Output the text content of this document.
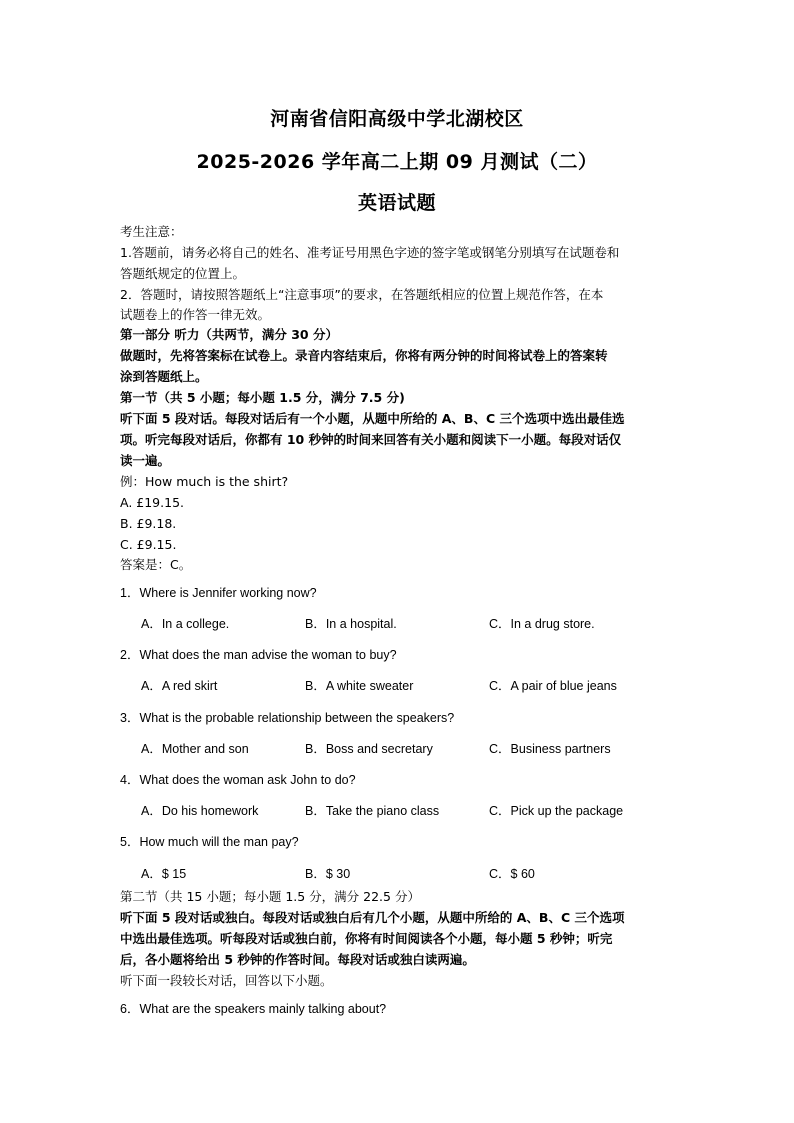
河南省信阳高级中学北湖校区
2025-2026 学年高二上期 09 月测试（二）
英语试题
考生注意：
1.答题前，请务必将自己的姓名、准考证号用黑色字迹的签字笔或钢笔分别填写在试题卷和
答题纸规定的位置上。
2．答题时，请按照答题纸上“注意事项”的要求，在答题纸相应的位置上规范作答，在本
试题卷上的作答一律无效。
第一部分 听力（共两节，满分 30 分）
做题时，先将答案标在试卷上。录音内容结束后，你将有两分钟的时间将试卷上的答案转
涂到答题纸上。
第一节（共 5 小题；每小题 1.5 分，满分 7.5 分)
听下面 5 段对话。每段对话后有一个小题，从题中所给的 A、B、C 三个选项中选出最佳选
项。听完每段对话后，你都有 10 秒钟的时间来回答有关小题和阅读下一小题。每段对话仅
读一遍。
例：How much is the shirt?
A. £19.15.
B. £9.18.
C. £9.15.
答案是：C。
1．Where is Jennifer working now?
A．In a college.	B．In a hospital.	C．In a drug store.
2．What does the man advise the woman to buy?
A．A red skirt	B．A white sweater	C．A pair of blue jeans
3．What is the probable relationship between the speakers?
A．Mother and son	B．Boss and secretary	C．Business partners
4．What does the woman ask John to do?
A．Do his homework	B．Take the piano class	C．Pick up the package
5．How much will the man pay?
A．$ 15	B．$ 30	C．$ 60
第二节（共 15 小题；每小题 1.5 分，满分 22.5 分）
听下面 5 段对话或独白。每段对话或独白后有几个小题，从题中所给的 A、B、C 三个选项
中选出最佳选项。听每段对话或独白前，你将有时间阅读各个小题，每小题 5 秒钟；听完
后，各小题将给出 5 秒钟的作答时间。每段对话或独白读两遍。
听下面一段较长对话，回答以下小题。
6．What are the speakers mainly talking about?
